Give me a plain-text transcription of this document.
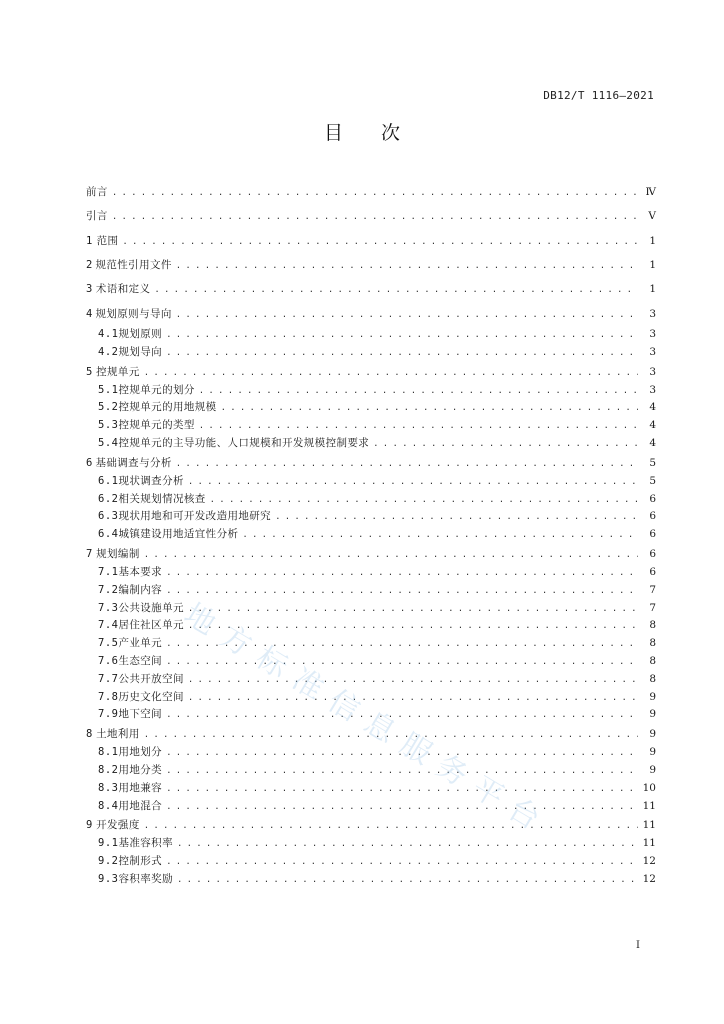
DB12/T 1116—2021
目次
前言 . . .	Ⅳ
引言 . . .	Ⅴ
1 范围 . . .	1
2 规范性引用文件 . . .	1
3 术语和定义 . . .	1
4 规划原则与导向 . . .	3
4.1 规划原则 . . .	3
4.2 规划导向 . . .	3
5 控规单元 . . .	3
5.1 控规单元的划分 . . .	3
5.2 控规单元的用地规模 . . .	4
5.3 控规单元的类型 . . .	4
5.4 控规单元的主导功能、人口规模和开发规模控制要求 . . .	4
6 基础调查与分析 . . .	5
6.1 现状调查分析 . . .	5
6.2 相关规划情况核查 . . .	6
6.3 现状用地和可开发改造用地研究 . . .	6
6.4 城镇建设用地适宜性分析 . . .	6
7 规划编制 . . .	6
7.1 基本要求 . . .	6
7.2 编制内容 . . .	7
7.3 公共设施单元 . . .	7
7.4 居住社区单元 . . .	8
7.5 产业单元 . . .	8
7.6 生态空间 . . .	8
7.7 公共开放空间 . . .	8
7.8 历史文化空间 . . .	9
7.9 地下空间 . . .	9
8 土地利用 . . .	9
8.1 用地划分 . . .	9
8.2 用地分类 . . .	9
8.3 用地兼容 . . .	10
8.4 用地混合 . . .	11
9 开发强度 . . .	11
9.1 基准容积率 . . .	11
9.2 控制形式 . . .	12
9.3 容积率奖励 . . .	12
I
地方标准信息服务平台
